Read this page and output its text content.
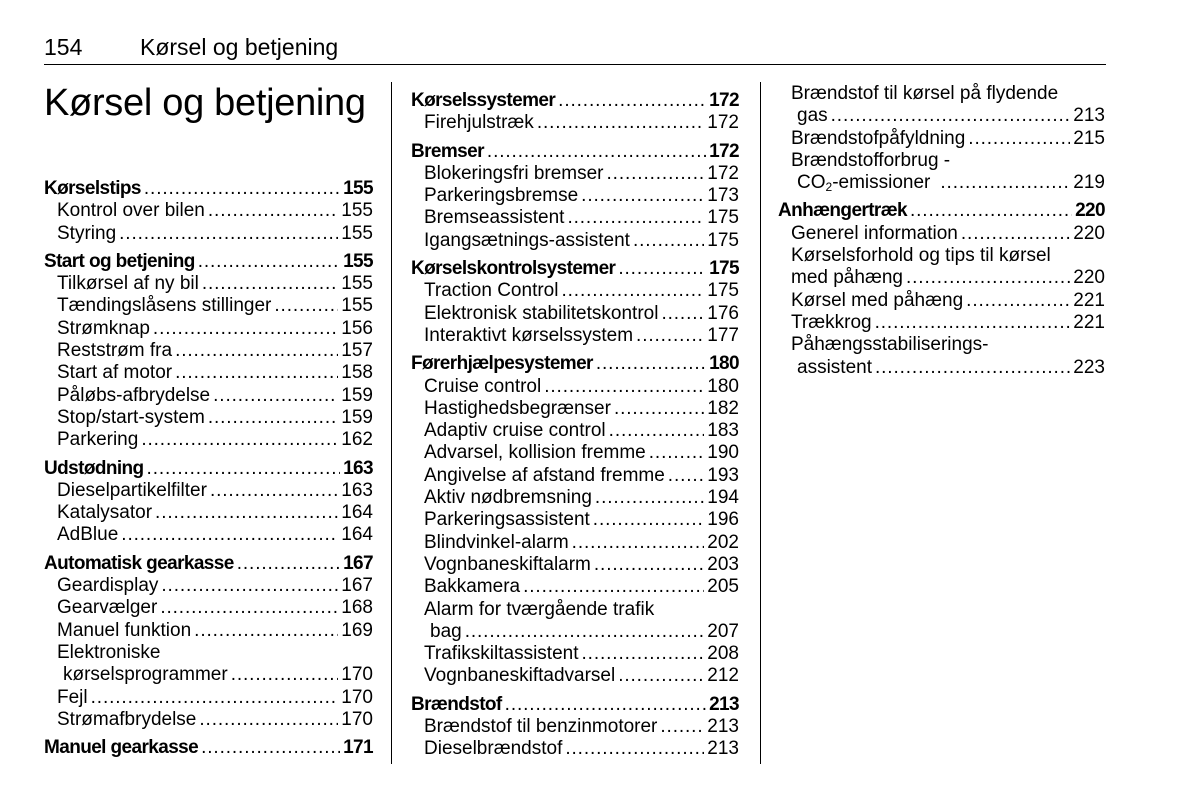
154	Kørsel og betjening
Kørsel og betjening
Kørselstips . . .	155
Kontrol over bilen . . .	155
Styring . . .	155
Start og betjening . . .	155
Tilkørsel af ny bil . . .	155
Tændingslåsens stillinger . . .	155
Strømknap . . .	156
Reststrøm fra . . .	157
Start af motor . . .	158
Påløbs-afbrydelse . . .	159
Stop/start-system . . .	159
Parkering . . .	162
Udstødning . . .	163
Dieselpartikelfilter . . .	163
Katalysator . . .	164
AdBlue . . .	164
Automatisk gearkasse . . .	167
Geardisplay . . .	167
Gearvælger . . .	168
Manuel funktion . . .	169
Elektroniske
kørselsprogrammer . . .	170
Fejl . . .	170
Strømafbrydelse . . .	170
Manuel gearkasse . . .	171
Kørselssystemer . . .	172
Firehjulstræk . . .	172
Bremser . . .	172
Blokeringsfri bremser . . .	172
Parkeringsbremse . . .	173
Bremseassistent . . .	175
Igangsætnings-assistent . . .	175
Kørselskontrolsystemer . . .	175
Traction Control . . .	175
Elektronisk stabilitetskontrol . . .	176
Interaktivt kørselssystem . . .	177
Førerhjælpesystemer . . .	180
Cruise control . . .	180
Hastighedsbegrænser . . .	182
Adaptiv cruise control . . .	183
Advarsel, kollision fremme . . .	190
Angivelse af afstand fremme . . . 193
Aktiv nødbremsning . . .	194
Parkeringsassistent . . .	196
Blindvinkel-alarm . . .	202
Vognbaneskiftalarm . . .	203
Bakkamera . . .	205
Alarm for tværgående trafik
bag . . .	207
Trafikskiltassistent . . .	208
Vognbaneskiftadvarsel . . .	212
Brændstof . . .	213
Brændstof til benzinmotorer . . .	213
Dieselbrændstof . . .	213
Brændstof til kørsel på flydende
gas . . .	213
Brændstofpåfyldning . . .	215
Brændstofforbrug -
$CO_2$-emissioner . . .	219
Anhængertræk . . .	220
Generel information . . .	220
Kørselsforhold og tips til kørsel
med påhæng . . .	220
Kørsel med påhæng . . .	221
Trækkrog . . .	221
Påhængsstabiliserings-
assistent . . .	223
